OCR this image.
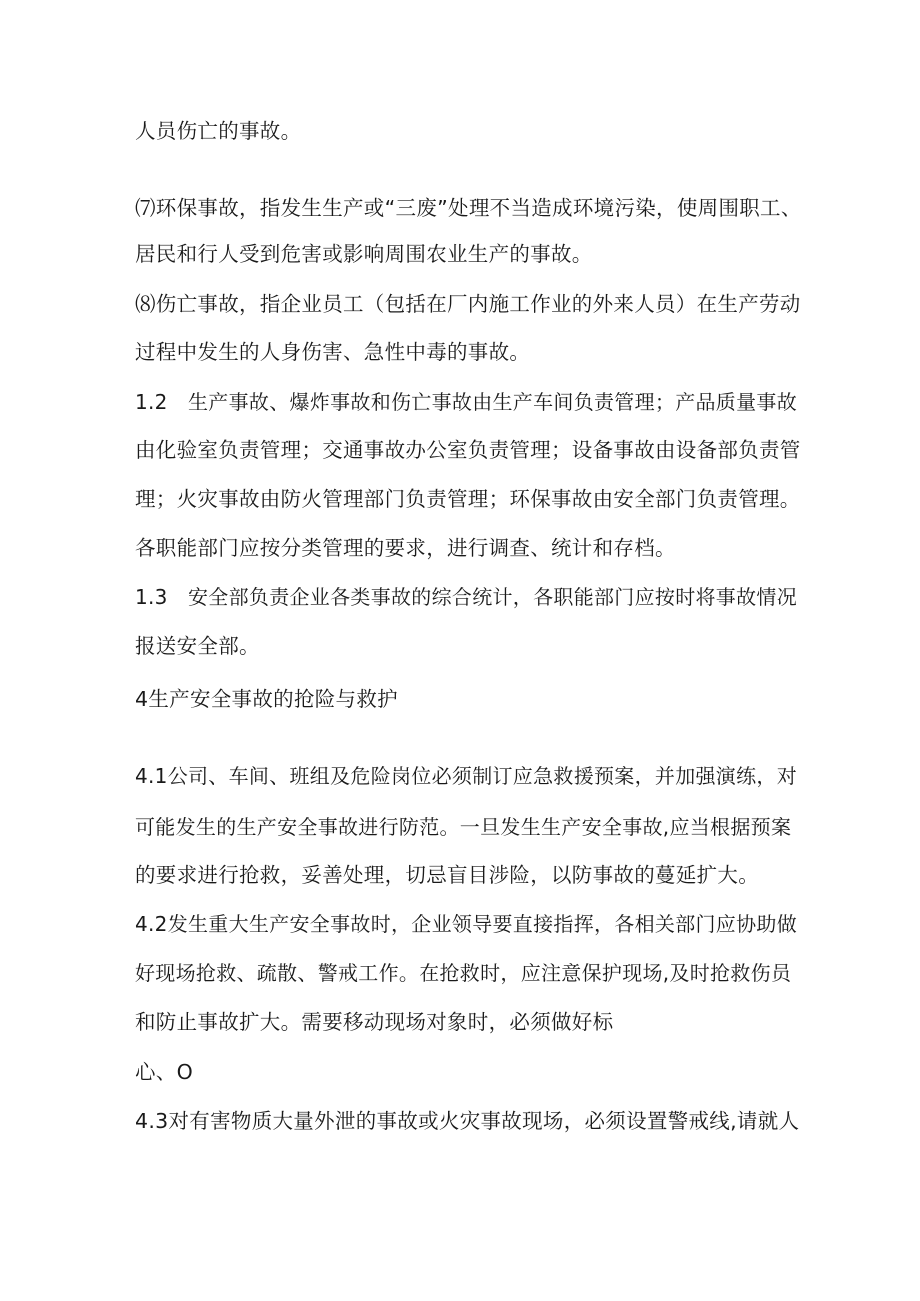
人员伤亡的事故。
⑺环保事故，指发生生产或“三废”处理不当造成环境污染，使周围职工、
居民和行人受到危害或影响周围农业生产的事故。
⑻伤亡事故，指企业员工（包括在厂内施工作业的外来人员）在生产劳动
过程中发生的人身伤害、急性中毒的事故。
1.2　生产事故、爆炸事故和伤亡事故由生产车间负责管理；产品质量事故
由化验室负责管理；交通事故办公室负责管理；设备事故由设备部负责管
理；火灾事故由防火管理部门负责管理；环保事故由安全部门负责管理。
各职能部门应按分类管理的要求，进行调查、统计和存档。
1.3　安全部负责企业各类事故的综合统计，各职能部门应按时将事故情况
报送安全部。
4生产安全事故的抢险与救护
4.1公司、车间、班组及危险岗位必须制订应急救援预案，并加强演练，对
可能发生的生产安全事故进行防范。一旦发生生产安全事故,应当根据预案
的要求进行抢救，妥善处理，切忌盲目涉险，以防事故的蔓延扩大。
4.2发生重大生产安全事故时，企业领导要直接指挥，各相关部门应协助做
好现场抢救、疏散、警戒工作。在抢救时，应注意保护现场,及时抢救伤员
和防止事故扩大。需要移动现场对象时，必须做好标
心、O
4.3对有害物质大量外泄的事故或火灾事故现场，必须设置警戒线,请就人
